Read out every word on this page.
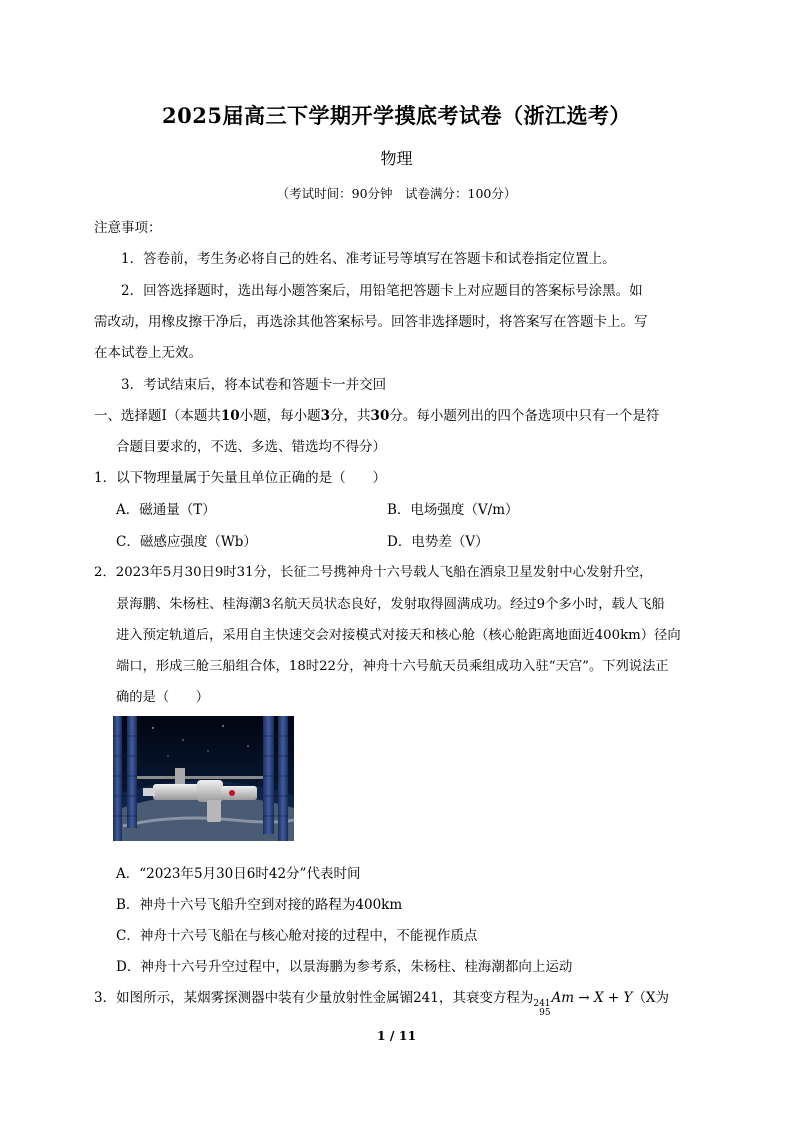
2025届高三下学期开学摸底考试卷（浙江选考）
物理
（考试时间：90分钟　试卷满分：100分）
注意事项：
1．答卷前，考生务必将自己的姓名、准考证号等填写在答题卡和试卷指定位置上。
2．回答选择题时，选出每小题答案后，用铅笔把答题卡上对应题目的答案标号涂黑。如
需改动，用橡皮擦干净后，再选涂其他答案标号。回答非选择题时，将答案写在答题卡上。写
在本试卷上无效。
3．考试结束后，将本试卷和答题卡一并交回
一、选择题Ⅰ（本题共10小题，每小题3分，共30分。每小题列出的四个备选项中只有一个是符
合题目要求的，不选、多选、错选均不得分）
1．以下物理量属于矢量且单位正确的是（　　）
A．磁通量（T）	B．电场强度（V/m）
C．磁感应强度（Wb）	D．电势差（V）
2．2023年5月30日9时31分，长征二号携神舟十六号载人飞船在酒泉卫星发射中心发射升空，
景海鹏、朱杨柱、桂海潮3名航天员状态良好，发射取得圆满成功。经过9个多小时，载人飞船
进入预定轨道后，采用自主快速交会对接模式对接天和核心舱（核心舱距离地面近400km）径向
端口，形成三舱三船组合体，18时22分，神舟十六号航天员乘组成功入驻“天宫”。下列说法正
确的是（　　）
A．“2023年5月30日6时42分”代表时间
B．神舟十六号飞船升空到对接的路程为400km
C．神舟十六号飞船在与核心舱对接的过程中，不能视作质点
D．神舟十六号升空过程中，以景海鹏为参考系，朱杨柱、桂海潮都向上运动
3．如图所示，某烟雾探测器中装有少量放射性金属镅241，其衰变方程为 241
95
Am → X + Y（X为
1 / 11
